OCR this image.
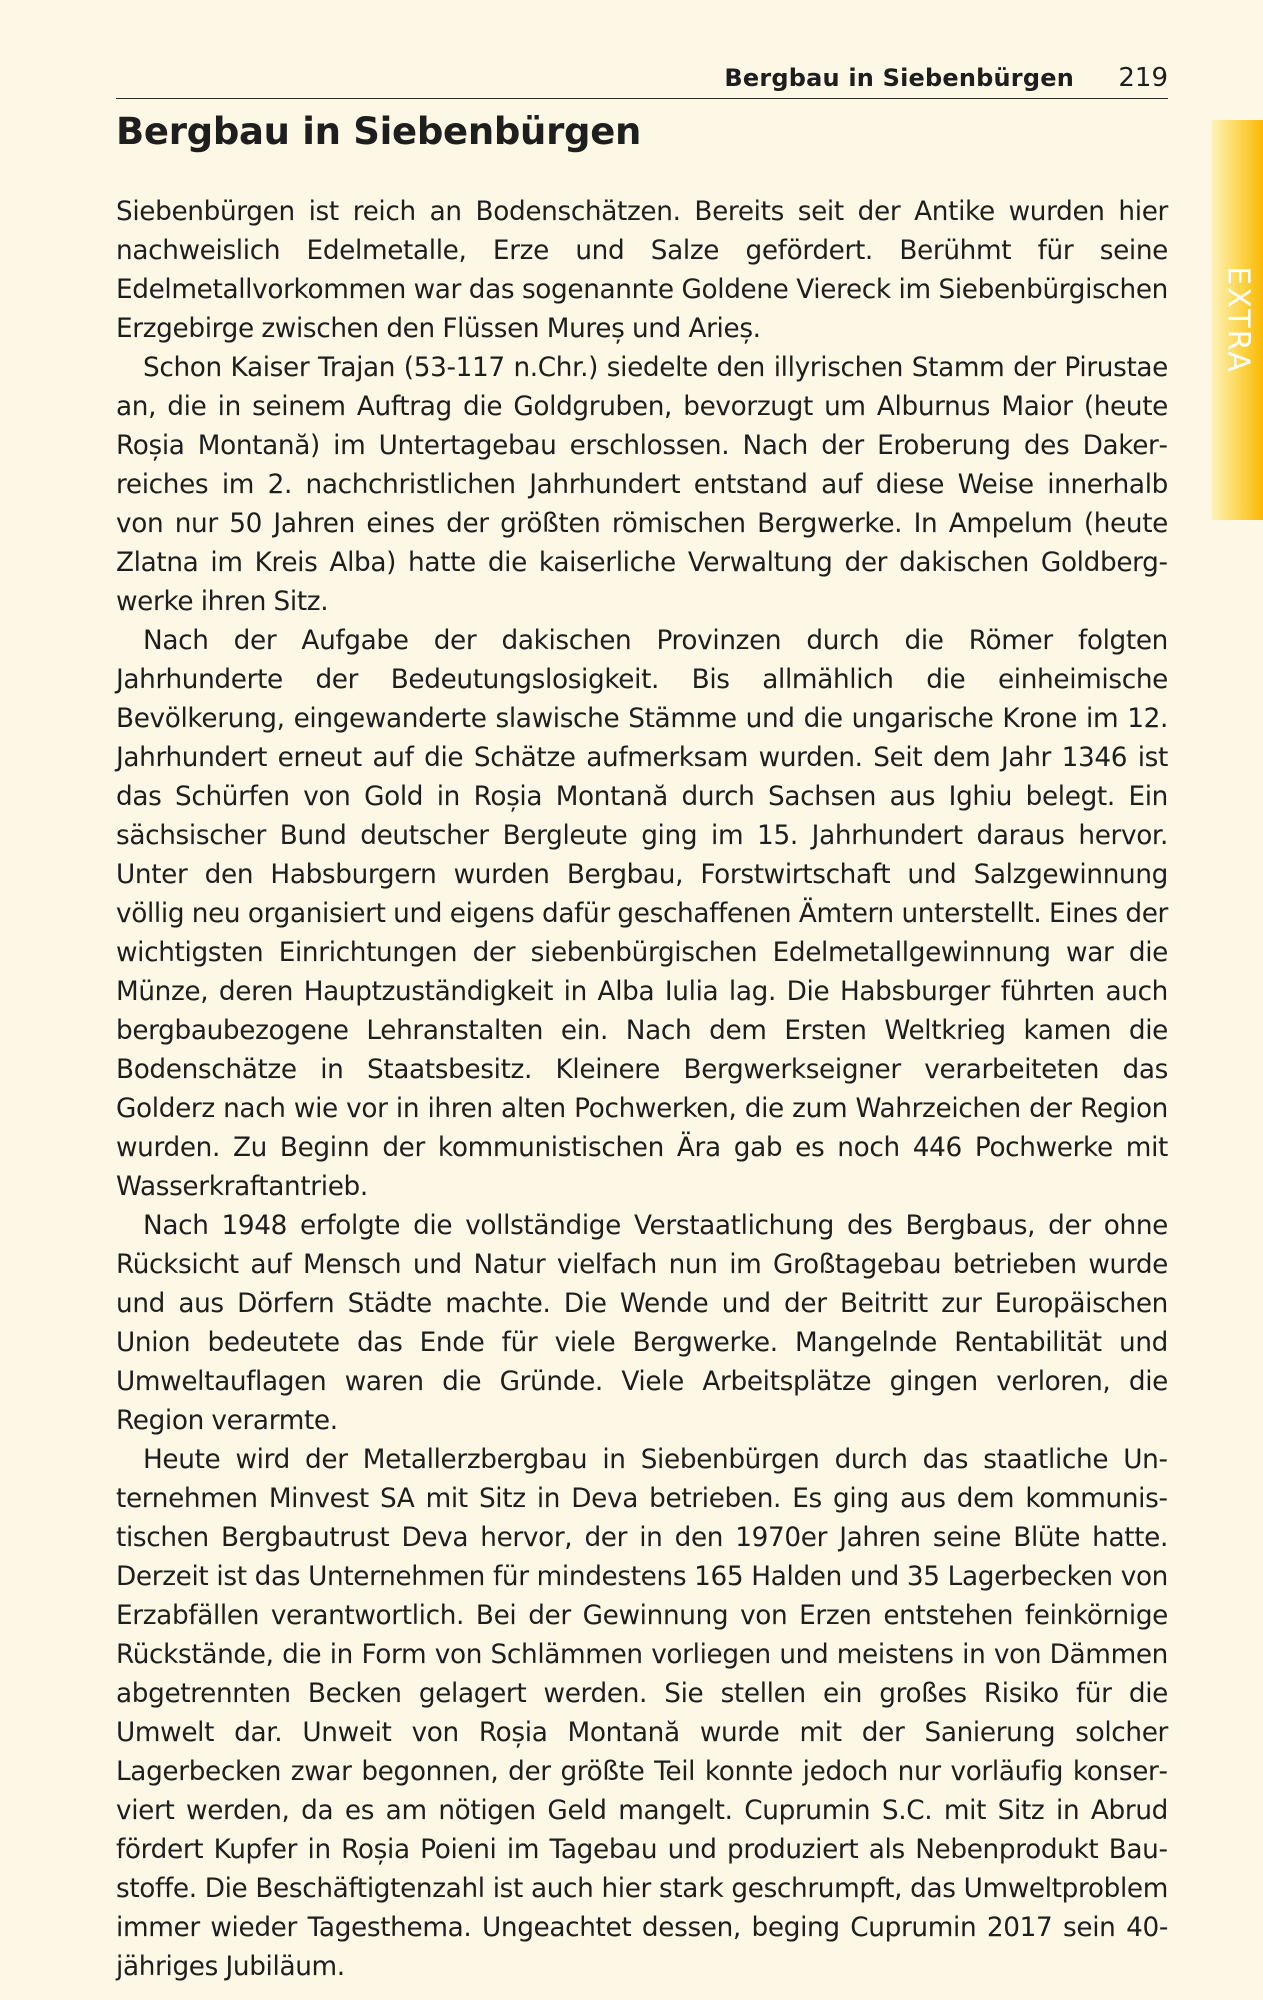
Bergbau in Siebenbürgen 219
Bergbau in Siebenbürgen

Siebenbürgen ist reich an Bodenschätzen. Bereits seit der Antike wurden hier nachweislich Edelmetalle, Erze und Salze gefördert. Berühmt für seine Edelmetallvorkommen war das sogenannte Goldene Viereck im Siebenbürgischen Erzgebirge zwischen den Flüssen Mureș und Arieș.

Schon Kaiser Trajan (53-117 n.Chr.) siedelte den illyrischen Stamm der Pirustae an, die in seinem Auftrag die Goldgruben, bevorzugt um Alburnus Maior (heute Roșia Montană) im Untertagebau erschlossen. Nach der Eroberung des Dakerreiches im 2. nachchristlichen Jahrhundert entstand auf diese Weise innerhalb von nur 50 Jahren eines der größten römischen Bergwerke. In Ampelum (heute Zlatna im Kreis Alba) hatte die kaiserliche Verwaltung der dakischen Goldbergwerke ihren Sitz.

Nach der Aufgabe der dakischen Provinzen durch die Römer folgten Jahrhunderte der Bedeutungslosigkeit. Bis allmählich die einheimische Bevölkerung, eingewanderte slawische Stämme und die ungarische Krone im 12. Jahrhundert erneut auf die Schätze aufmerksam wurden. Seit dem Jahr 1346 ist das Schürfen von Gold in Roșia Montană durch Sachsen aus Ighiu belegt. Ein sächsischer Bund deutscher Bergleute ging im 15. Jahrhundert daraus hervor. Unter den Habsburgern wurden Bergbau, Forstwirtschaft und Salzgewinnung völlig neu organisiert und eigens dafür geschaffenen Ämtern unterstellt. Eines der wichtigsten Einrichtungen der siebenbürgischen Edelmetallgewinnung war die Münze, deren Hauptzuständigkeit in Alba Iulia lag. Die Habsburger führten auch bergbaubezogene Lehranstalten ein. Nach dem Ersten Weltkrieg kamen die Bodenschätze in Staatsbesitz. Kleinere Bergwerkseigner verarbeiteten das Golderz nach wie vor in ihren alten Pochwerken, die zum Wahrzeichen der Region wurden. Zu Beginn der kommunistischen Ära gab es noch 446 Pochwerke mit Wasserkraftantrieb.

Nach 1948 erfolgte die vollständige Verstaatlichung des Bergbaus, der ohne Rücksicht auf Mensch und Natur vielfach nun im Großtagebau betrieben wurde und aus Dörfern Städte machte. Die Wende und der Beitritt zur Europäischen Union bedeutete das Ende für viele Bergwerke. Mangelnde Rentabilität und Umweltauflagen waren die Gründe. Viele Arbeitsplätze gingen verloren, die Region verarmte.

Heute wird der Metallerzbergbau in Siebenbürgen durch das staatliche Unternehmen Minvest SA mit Sitz in Deva betrieben. Es ging aus dem kommunistischen Bergbautrust Deva hervor, der in den 1970er Jahren seine Blüte hatte. Derzeit ist das Unternehmen für mindestens 165 Halden und 35 Lagerbecken von Erzabfällen verantwortlich. Bei der Gewinnung von Erzen entstehen feinkörnige Rückstände, die in Form von Schlämmen vorliegen und meistens in von Dämmen abgetrennten Becken gelagert werden. Sie stellen ein großes Risiko für die Umwelt dar. Unweit von Roșia Montană wurde mit der Sanierung solcher Lagerbecken zwar begonnen, der größte Teil konnte jedoch nur vorläufig konserviert werden, da es am nötigen Geld mangelt. Cuprumin S.C. mit Sitz in Abrud fördert Kupfer in Roșia Poieni im Tagebau und produziert als Nebenprodukt Baustoffe. Die Beschäftigtenzahl ist auch hier stark geschrumpft, das Umweltproblem immer wieder Tagesthema. Ungeachtet dessen, beging Cuprumin 2017 sein 40-jähriges Jubiläum.

EXTRA
